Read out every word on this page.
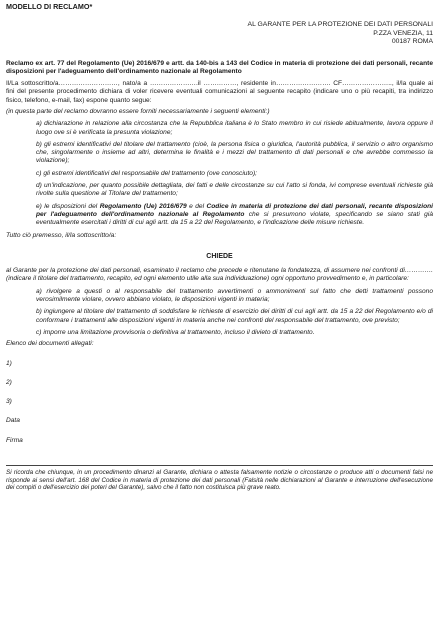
MODELLO DI RECLAMO*

AL GARANTE PER LA PROTEZIONE DEI DATI PERSONALI
P.ZZA VENEZIA, 11
00187 ROMA
Reclamo ex art. 77 del Regolamento (Ue) 2016/679 e artt. da 140-bis a 143 del Codice in materia di protezione dei dati personali, recante disposizioni per l'adeguamento dell'ordinamento nazionale al Regolamento
Il/La sottoscritto/a………………………, nato/a a ………………….il ……………, residente in……………………. CF………………….., il/la quale ai fini del presente procedimento dichiara di voler ricevere eventuali comunicazioni al seguente recapito (indicare uno o più recapiti, tra indirizzo fisico, telefono, e-mail, fax) espone quanto segue:
(in questa parte del reclamo dovranno essere forniti necessariamente i seguenti elementi:)
a) dichiarazione in relazione alla circostanza che la Repubblica italiana è lo Stato membro in cui risiede abitualmente, lavora oppure il luogo ove si è verificata la presunta violazione;
b) gli estremi identificativi del titolare del trattamento (cioè, la persona fisica o giuridica, l'autorità pubblica, il servizio o altro organismo che, singolarmente o insieme ad altri, determina le finalità e i mezzi del trattamento di dati personali e che avrebbe commesso la violazione);
c) gli estremi identificativi del responsabile del trattamento (ove conosciuto);
d) un'indicazione, per quanto possibile dettagliata, dei fatti e delle circostanze su cui l'atto si fonda, ivi comprese eventuali richieste già rivolte sulla questione al Titolare del trattamento;
e) le disposizioni del Regolamento (Ue) 2016/679 e del Codice in materia di protezione dei dati personali, recante disposizioni per l'adeguamento dell'ordinamento nazionale al Regolamento che si presumono violate, specificando se siano stati già eventualmente esercitati i diritti di cui agli artt. da 15 a 22 del Regolamento, e l'indicazione delle misure richieste.
Tutto ciò premesso, il/la sottoscritto/a:
CHIEDE
al Garante per la protezione dei dati personali, esaminato il reclamo che precede e ritenutane la fondatezza, di assumere nei confronti di………….(indicare il titolare del trattamento, recapito, ed ogni elemento utile alla sua individuazione) ogni opportuno provvedimento e, in particolare:
a) rivolgere a questi o al responsabile del trattamento avvertimenti o ammonimenti sul fatto che detti trattamenti possono verosimilmente violare, ovvero abbiano violato, le disposizioni vigenti in materia;
b) ingiungere al titolare del trattamento di soddisfare le richieste di esercizio dei diritti di cui agli artt. da 15 a 22 del Regolamento e/o di conformare i trattamenti alle disposizioni vigenti in materia anche nei confronti del responsabile del trattamento, ove previsto;
c) imporre una limitazione provvisoria o definitiva al trattamento, incluso il divieto di trattamento.
Elenco dei documenti allegati:
1)
2)
3)
Data
Firma
Si ricorda che chiunque, in un procedimento dinanzi al Garante, dichiara o attesta falsamente notizie o circostanze o produce atti o documenti falsi ne risponde ai sensi dell'art. 168 del Codice in materia di protezione dei dati personali (Falsità nelle dichiarazioni al Garante e interruzione dell'esecuzione dei compiti o dell'esercizio dei poteri del Garante), salvo che il fatto non costituisca più grave reato.
